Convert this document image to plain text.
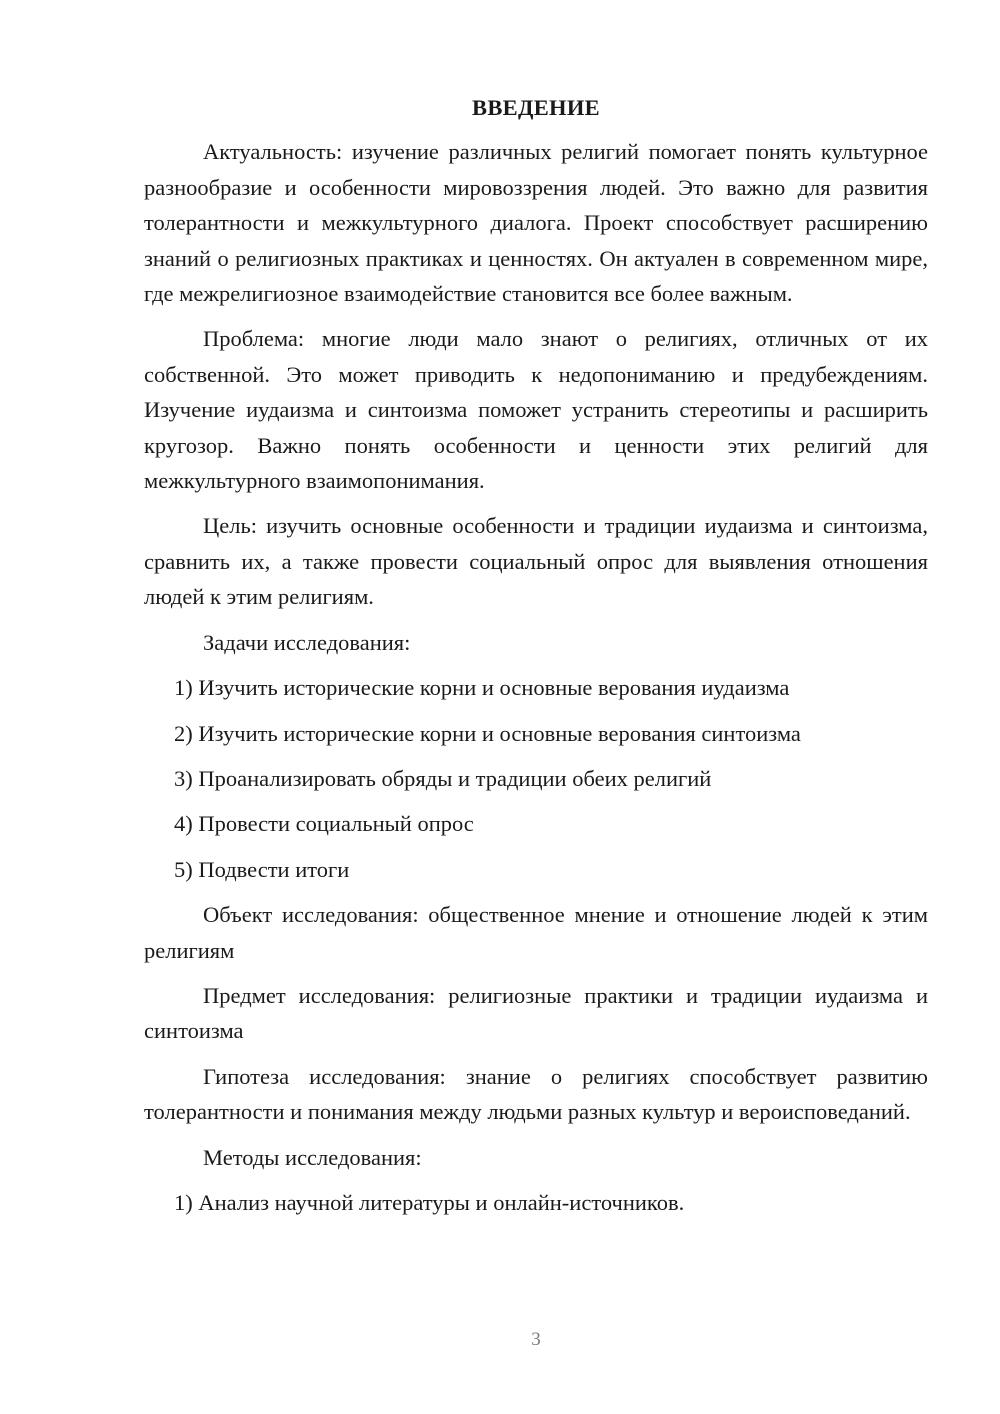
ВВЕДЕНИЕ

Актуальность: изучение различных религий помогает понять культурное разнообразие и особенности мировоззрения людей. Это важно для развития толерантности и межкультурного диалога. Проект способствует расширению знаний о религиозных практиках и ценностях. Он актуален в современном мире, где межрелигиозное взаимодействие становится все более важным.

Проблема: многие люди мало знают о религиях, отличных от их собственной. Это может приводить к недопониманию и предубеждениям. Изучение иудаизма и синтоизма поможет устранить стереотипы и расширить кругозор. Важно понять особенности и ценности этих религий для межкультурного взаимопонимания.

Цель: изучить основные особенности и традиции иудаизма и синтоизма, сравнить их, а также провести социальный опрос для выявления отношения людей к этим религиям.

Задачи исследования:

1) Изучить исторические корни и основные верования иудаизма
2) Изучить исторические корни и основные верования синтоизма
3) Проанализировать обряды и традиции обеих религий
4) Провести социальный опрос
5) Подвести итоги

Объект исследования: общественное мнение и отношение людей к этим религиям

Предмет исследования: религиозные практики и традиции иудаизма и синтоизма

Гипотеза исследования: знание о религиях способствует развитию толерантности и понимания между людьми разных культур и вероисповеданий.

Методы исследования:

1) Анализ научной литературы и онлайн-источников.
3
